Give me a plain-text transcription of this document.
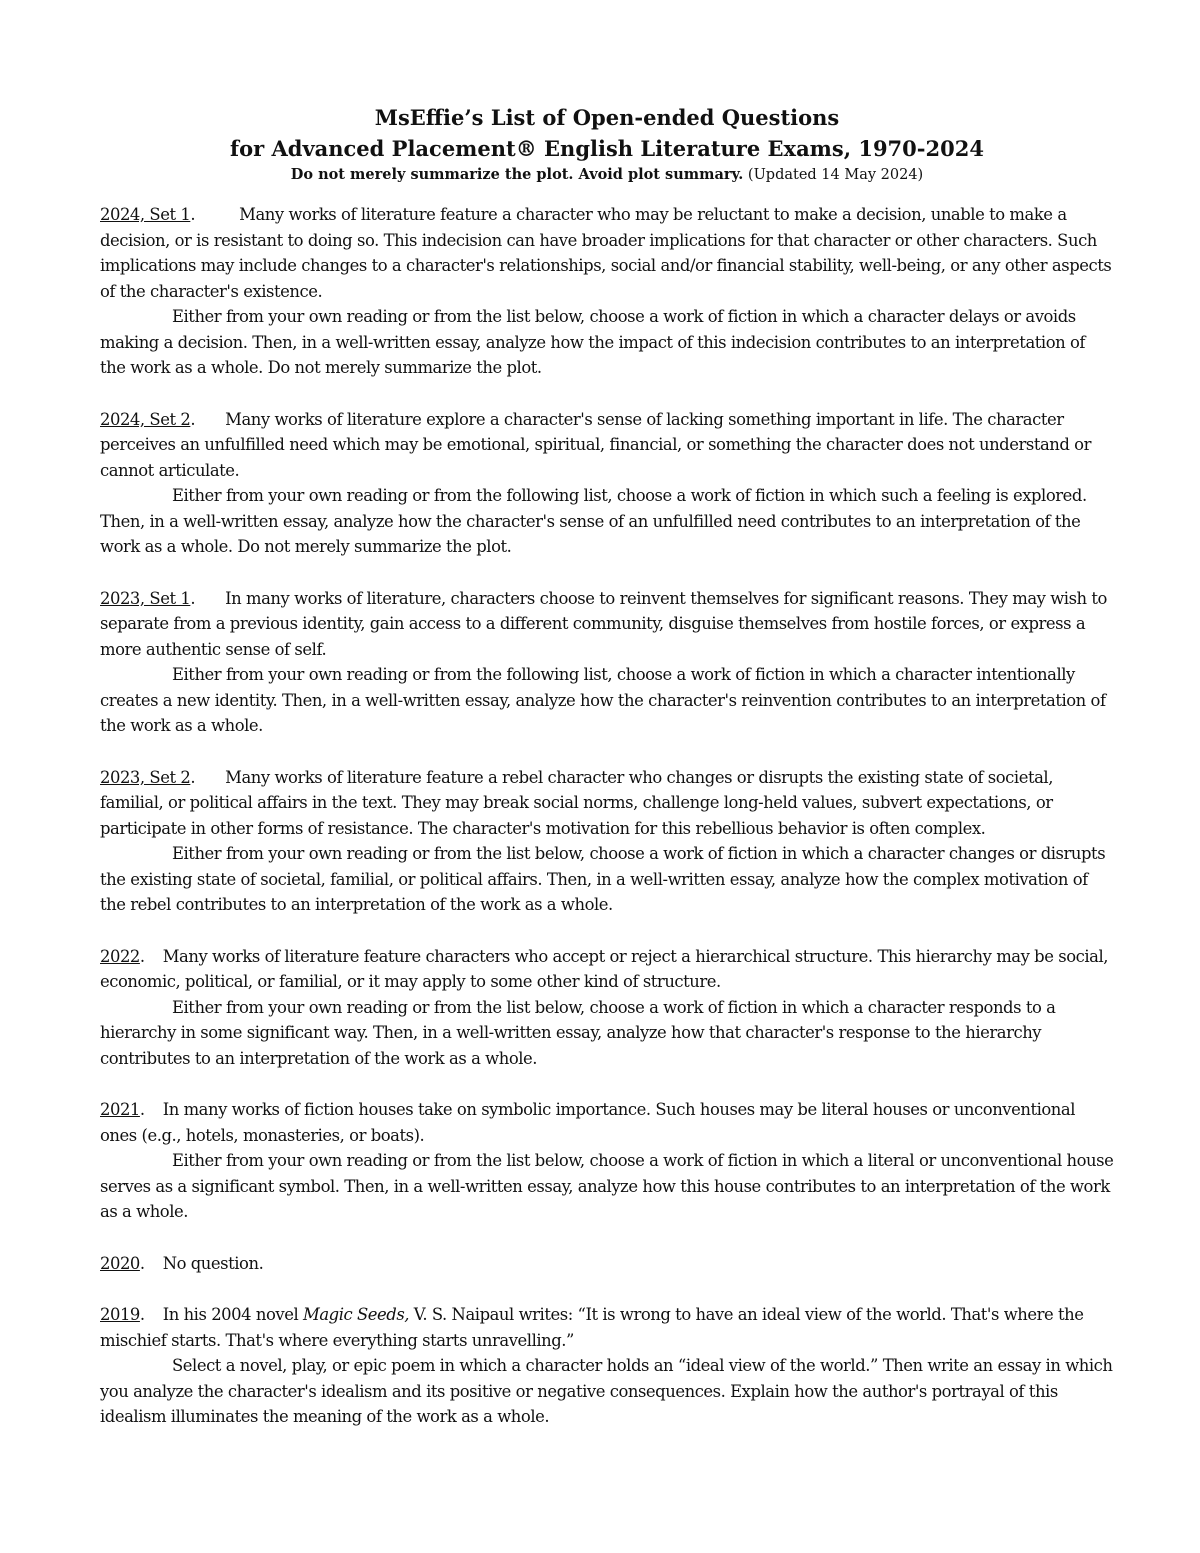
MsEffie’s List of Open-ended Questions
for Advanced Placement® English Literature Exams, 1970-2024

Do not merely summarize the plot. Avoid plot summary. (Updated 14 May 2024)

2024, Set 1.	Many works of literature feature a character who may be reluctant to make a decision, unable to make a decision, or is resistant to doing so. This indecision can have broader implications for that character or other characters. Such implications may include changes to a character's relationships, social and/or financial stability, well-being, or any other aspects of the character's existence.

Either from your own reading or from the list below, choose a work of fiction in which a character delays or avoids making a decision. Then, in a well-written essay, analyze how the impact of this indecision contributes to an interpretation of the work as a whole. Do not merely summarize the plot.

2024, Set 2. Many works of literature explore a character's sense of lacking something important in life. The character perceives an unfulfilled need which may be emotional, spiritual, financial, or something the character does not understand or cannot articulate.

Either from your own reading or from the following list, choose a work of fiction in which such a feeling is explored. Then, in a well-written essay, analyze how the character's sense of an unfulfilled need contributes to an interpretation of the work as a whole. Do not merely summarize the plot.

2023, Set 1. In many works of literature, characters choose to reinvent themselves for significant reasons. They may wish to separate from a previous identity, gain access to a different community, disguise themselves from hostile forces, or express a more authentic sense of self.

Either from your own reading or from the following list, choose a work of fiction in which a character intentionally creates a new identity. Then, in a well-written essay, analyze how the character's reinvention contributes to an interpretation of the work as a whole.

2023, Set 2. Many works of literature feature a rebel character who changes or disrupts the existing state of societal, familial, or political affairs in the text. They may break social norms, challenge long-held values, subvert expectations, or participate in other forms of resistance. The character's motivation for this rebellious behavior is often complex.

Either from your own reading or from the list below, choose a work of fiction in which a character changes or disrupts the existing state of societal, familial, or political affairs. Then, in a well-written essay, analyze how the complex motivation of the rebel contributes to an interpretation of the work as a whole.

2022. Many works of literature feature characters who accept or reject a hierarchical structure. This hierarchy may be social, economic, political, or familial, or it may apply to some other kind of structure.

Either from your own reading or from the list below, choose a work of fiction in which a character responds to a hierarchy in some significant way. Then, in a well-written essay, analyze how that character's response to the hierarchy contributes to an interpretation of the work as a whole.

2021. In many works of fiction houses take on symbolic importance. Such houses may be literal houses or unconventional ones (e.g., hotels, monasteries, or boats).

Either from your own reading or from the list below, choose a work of fiction in which a literal or unconventional house serves as a significant symbol. Then, in a well-written essay, analyze how this house contributes to an interpretation of the work as a whole.

2020. No question.

2019. In his 2004 novel Magic Seeds, V. S. Naipaul writes: “It is wrong to have an ideal view of the world. That's where the mischief starts. That's where everything starts unravelling.”

Select a novel, play, or epic poem in which a character holds an “ideal view of the world.” Then write an essay in which you analyze the character's idealism and its positive or negative consequences. Explain how the author's portrayal of this idealism illuminates the meaning of the work as a whole.
